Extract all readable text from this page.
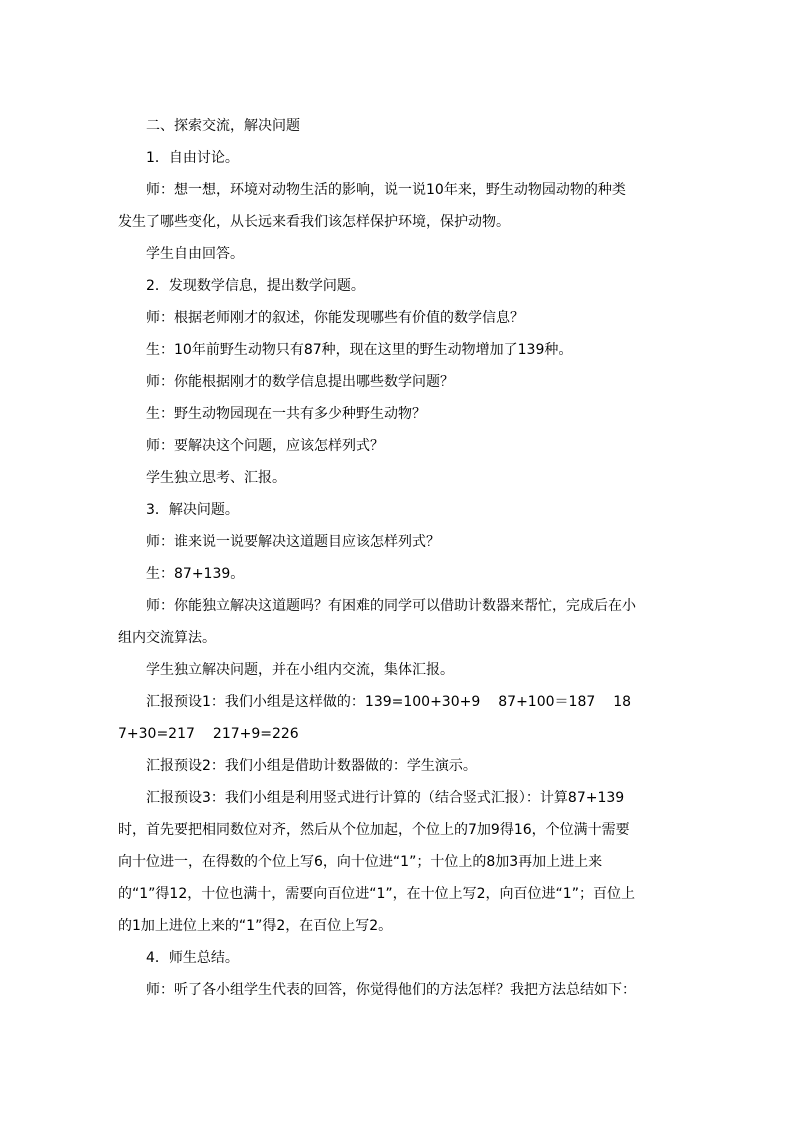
二、探索交流，解决问题

1．自由讨论。

师：想一想，环境对动物生活的影响，说一说10年来，野生动物园动物的种类发生了哪些变化，从长远来看我们该怎样保护环境，保护动物。

学生自由回答。

2．发现数学信息，提出数学问题。

师：根据老师刚才的叙述，你能发现哪些有价值的数学信息？

生：10年前野生动物只有87种，现在这里的野生动物增加了139种。

师：你能根据刚才的数学信息提出哪些数学问题？

生：野生动物园现在一共有多少种野生动物？

师：要解决这个问题，应该怎样列式？

学生独立思考、汇报。

3．解决问题。

师：谁来说一说要解决这道题目应该怎样列式？

生：87+139。

师：你能独立解决这道题吗？有困难的同学可以借助计数器来帮忙，完成后在小组内交流算法。

学生独立解决问题，并在小组内交流，集体汇报。

汇报预设1：我们小组是这样做的：139=100+30+9 87+100＝187 187+30=217 217+9=226

汇报预设2：我们小组是借助计数器做的：学生演示。

汇报预设3：我们小组是利用竖式进行计算的（结合竖式汇报）：计算87+139时，首先要把相同数位对齐，然后从个位加起，个位上的7加9得16，个位满十需要向十位进一，在得数的个位上写6，向十位进“1”；十位上的8加3再加上进上来的“1”得12，十位也满十，需要向百位进“1”，在十位上写2，向百位进“1”；百位上的1加上进位上来的“1”得2，在百位上写2。

4．师生总结。

师：听了各小组学生代表的回答，你觉得他们的方法怎样？我把方法总结如下：
